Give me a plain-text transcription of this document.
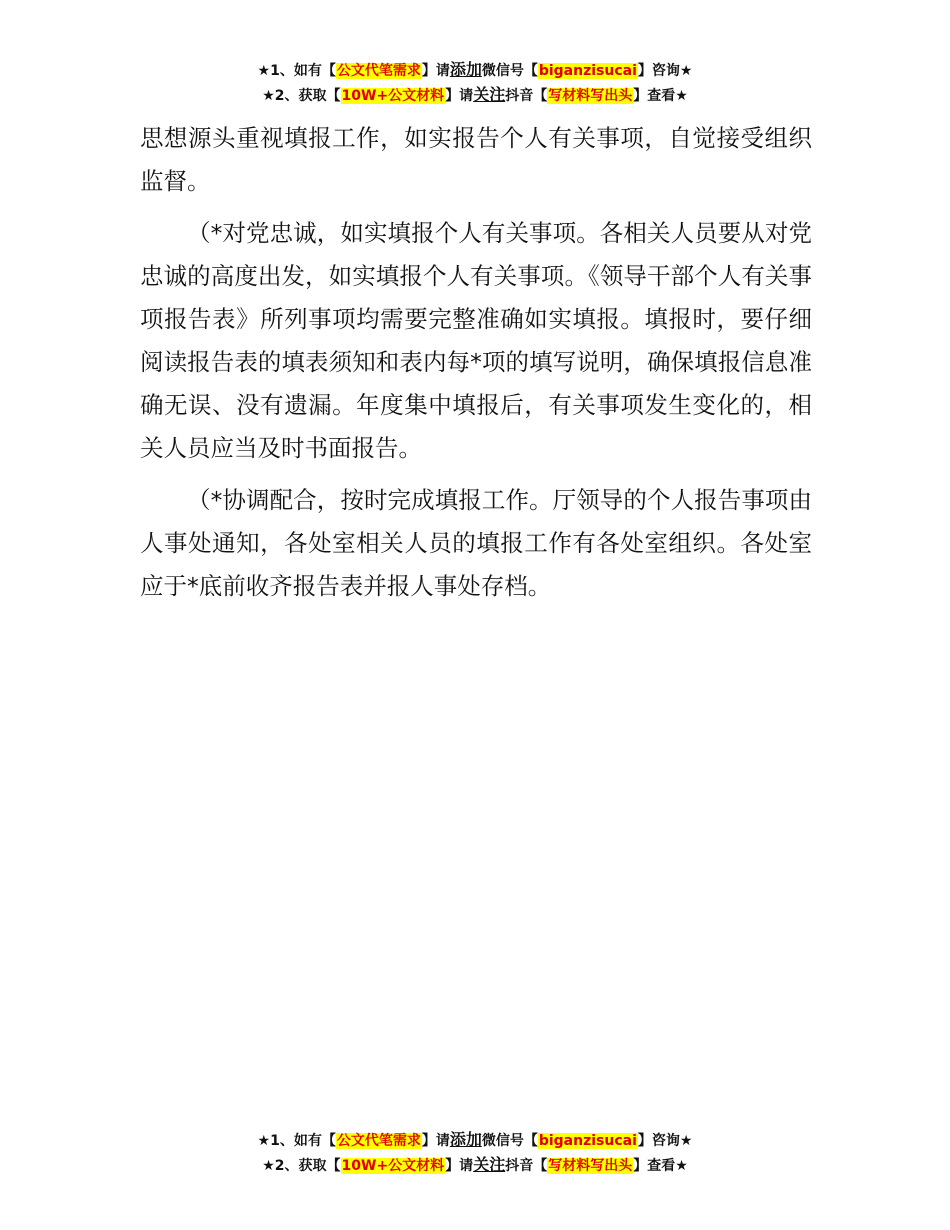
★1、如有【公文代笔需求】请添加微信号【biganzisucai】咨询★
★2、获取【10W+公文材料】请关注抖音【写材料写出头】查看★

思想源头重视填报工作，如实报告个人有关事项，自觉接受组织监督。

（*对党忠诚，如实填报个人有关事项。各相关人员要从对党忠诚的高度出发，如实填报个人有关事项。《领导干部个人有关事项报告表》所列事项均需要完整准确如实填报。填报时，要仔细阅读报告表的填表须知和表内每*项的填写说明，确保填报信息准确无误、没有遗漏。年度集中填报后，有关事项发生变化的，相关人员应当及时书面报告。

（*协调配合，按时完成填报工作。厅领导的个人报告事项由人事处通知，各处室相关人员的填报工作有各处室组织。各处室应于*底前收齐报告表并报人事处存档。

★1、如有【公文代笔需求】请添加微信号【biganzisucai】咨询★
★2、获取【10W+公文材料】请关注抖音【写材料写出头】查看★
